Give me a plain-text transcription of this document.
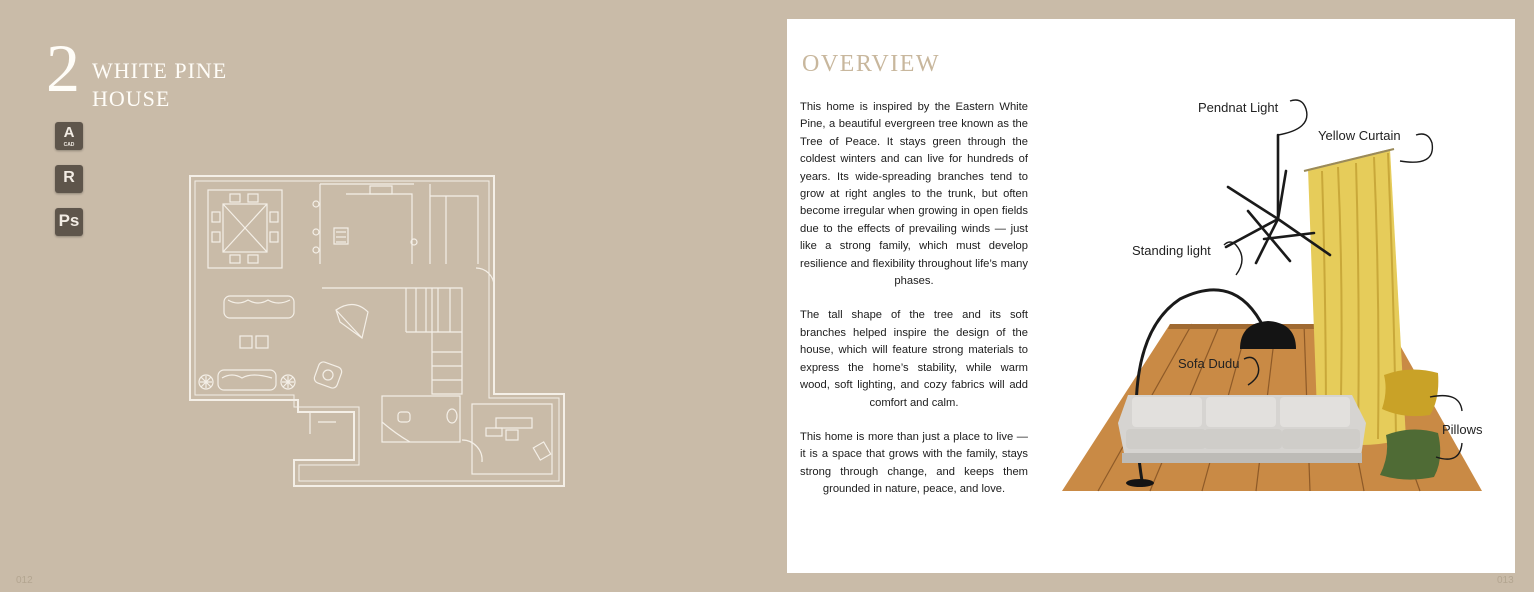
2 WHITE PINE
HOUSE
A
CAD
R
Ps
012
OVERVIEW

This home is inspired by the Eastern White Pine, a beautiful evergreen tree known as the Tree of Peace. It stays green through the coldest winters and can live for hundreds of years. Its wide-spreading branches tend to grow at right angles to the trunk, but often become irregular when growing in open fields due to the effects of prevailing winds — just like a strong family, which must develop resilience and flexibility throughout life’s many phases.

The tall shape of the tree and its soft branches helped inspire the design of the house, which will feature strong materials to express the home’s stability, while warm wood, soft lighting, and cozy fabrics will add comfort and calm.

This home is more than just a place to live — it is a space that grows with the family, stays strong through change, and keeps them grounded in nature, peace, and love.

Pendnat Light
Yellow Curtain
Standing light
Sofa Dudu
Pillows
013
